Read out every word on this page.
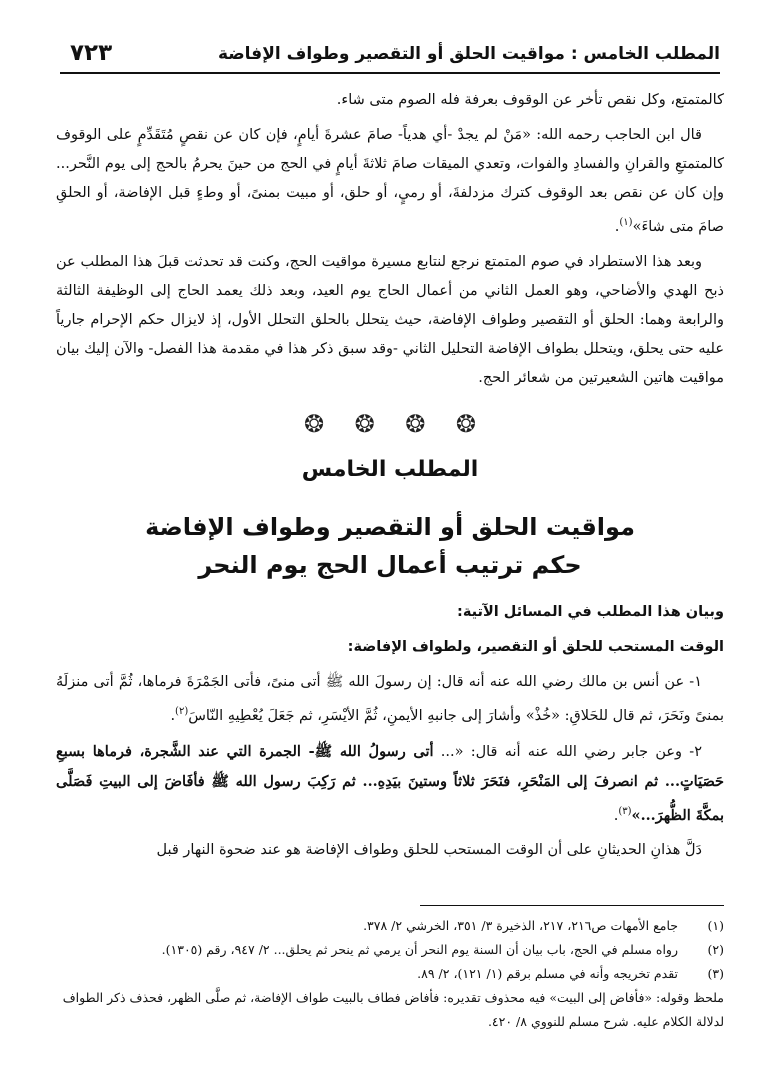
المطلب الخامس : مواقيت الحلق أو التقصير وطواف الإفاضة
٧٢٣

كالمتمتع، وكل نقص تأخر عن الوقوف بعرفة فله الصوم متى شاء.

قال ابن الحاجب رحمه الله: «مَنْ لم يجدْ -أي هدياً- صامَ عشرةَ أيامٍ، فإن كان عن نقصٍ مُتَقَدِّمٍ على الوقوف كالمتمتعِ والقرانِ والفسادِ والفوات، وتعدي الميقات صامَ ثلاثةَ أيامٍ في الحج من حينَ يحرمُ بالحج إلى يوم النَّحر... وإن كان عن نقص بعد الوقوف كترك مزدلفةَ، أو رميٍ، أو حلق، أو مبيت بمنىً، أو وطءٍ قبل الإفاضة، أو الحلقِ صامَ متى شاءَ»$^{(١)}$.

وبعد هذا الاستطراد في صوم المتمتع نرجع لنتابع مسيرة مواقيت الحج، وكنت قد تحدثت قبلَ هذا المطلب عن ذبح الهدي والأضاحي، وهو العمل الثاني من أعمال الحاج يوم العيد، وبعد ذلك يعمد الحاج إلى الوظيفة الثالثة والرابعة وهما: الحلق أو التقصير وطواف الإفاضة، حيث يتحلل بالحلق التحلل الأول، إذ لايزال حكم الإحرام جارياً عليه حتى يحلق، ويتحلل بطواف الإفاضة التحليل الثاني -وقد سبق ذكر هذا في مقدمة هذا الفصل- والآن إليك بيان مواقيت هاتين الشعيرتين من شعائر الحج.

❂ ❂ ❂ ❂
المطلب الخامس
مواقيت الحلق أو التقصير وطواف الإفاضة
حكم ترتيب أعمال الحج يوم النحر

وبيان هذا المطلب في المسائل الآتية:

الوقت المستحب للحلق أو التقصير، ولطواف الإفاضة:

١- عن أنس بن مالك رضي الله عنه أنه قال: إن رسولَ الله ﷺ أتى منىً، فأتى الجَمْرَةَ فرماها، ثُمَّ أتى منزلَهُ بمنىً ونَحَرَ، ثم قال للحَلاقِ: «خُذْ» وأشارَ إلى جانبهِ الأيمنِ، ثُمَّ الأيْسَرِ، ثم جَعَلَ يُعْطِيهِ النّاسَ$^{(٢)}$.

٢- وعن جابر رضي الله عنه أنه قال: «... أتى رسولُ الله ﷺ- الجمرة التي عند الشَّجرة، فرماها بسبعِ حَصَيَاتٍ... ثم انصرفَ إلى المَنْحَرِ، فنَحَرَ ثلاثاً وستينَ بيَدِهِ... ثم رَكِبَ رسول الله ﷺ فأفَاضَ إلى البيتِ فَصَلَّى بمكَّةَ الظُّهرَ...»$^{(٣)}$.

دَلَّ هذانِ الحديثانِ على أن الوقت المستحب للحلق وطواف الإفاضة هو عند ضحوة النهار قبل

(١)
جامع الأمهات ص٢١٦، ٢١٧، الذخيرة ٣/ ٣٥١، الخرشي ٢/ ٣٧٨.
(٢)
رواه مسلم في الحج، باب بيان أن السنة يوم النحر أن يرمي ثم ينحر ثم يحلق... ٢/ ٩٤٧، رقم (١٣٠٥).
(٣)
تقدم تخريجه وأنه في مسلم برقم (١/ ١٢١)، ٢/ ٨٩.
ملحظ وقوله: «فأفاض إلى البيت» فيه محذوف تقديره: فأفاض فطاف بالبيت طواف الإفاضة، ثم صلَّى الظهر، فحذف ذكر الطواف لدلالة الكلام عليه. شرح مسلم للنووي ٨/ ٤٢٠.
